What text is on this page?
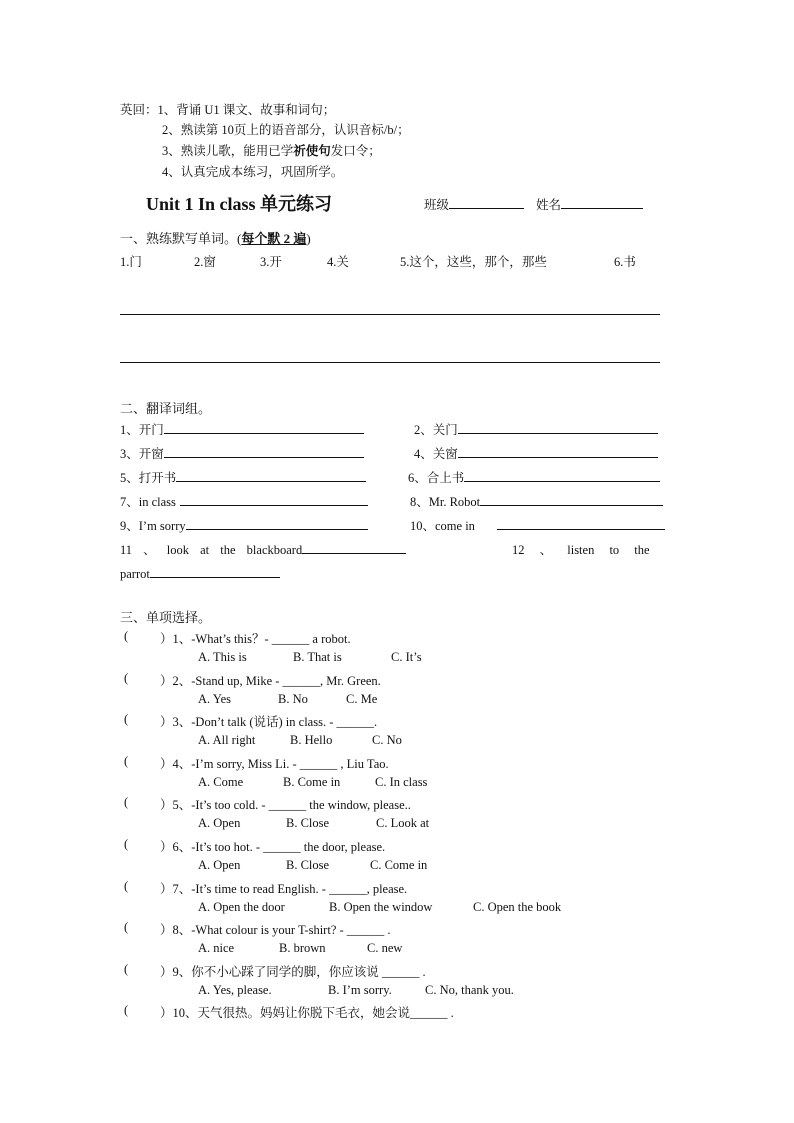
英回：1、背诵 U1 课文、故事和词句；
2、熟读第 10页上的语音部分，认识音标/b/；
3、熟读儿歌，能用已学祈使句发口令；
4、认真完成本练习，巩固所学。
Unit 1 In class 单元练习	班级	姓名
一、熟练默写单词。(每个默 2 遍)
1.门	2.窗	3.开	4.关	5.这个，这些，那个，那些	6.书
二、翻译词组。
1、开门	2、关门
3、开窗	4、关窗
5、打开书	6、合上书
7、in class	8、Mr. Robot
9、I’m sorry	10、come in
11 、 look at the blackboard	12 、 listen to the
parrot
三、单项选择。
(	）1、-What’s this？- ______ a robot.
A. This is	B. That is	C. It’s
(	）2、-Stand up, Mike - ______, Mr. Green.
A. Yes	B. No	C. Me
(	）3、-Don’t talk (说话) in class. - ______.
A. All right	B. Hello	C. No
(	）4、-I’m sorry, Miss Li. - ______ , Liu Tao.
A. Come	B. Come in	C. In class
(	）5、-It’s too cold. - ______ the window, please..
A. Open	B. Close	C. Look at
(	）6、-It’s too hot. - ______ the door, please.
A. Open	B. Close	C. Come in
(	）7、-It’s time to read English. - ______, please.
A. Open the door	B. Open the window	C. Open the book
(	）8、-What colour is your T-shirt? - ______ .
A. nice	B. brown	C. new
(	）9、你不小心踩了同学的脚，你应该说 ______ .
A. Yes, please.	B. I’m sorry.	C. No, thank you.
(	）10、天气很热。妈妈让你脱下毛衣，她会说______ .
